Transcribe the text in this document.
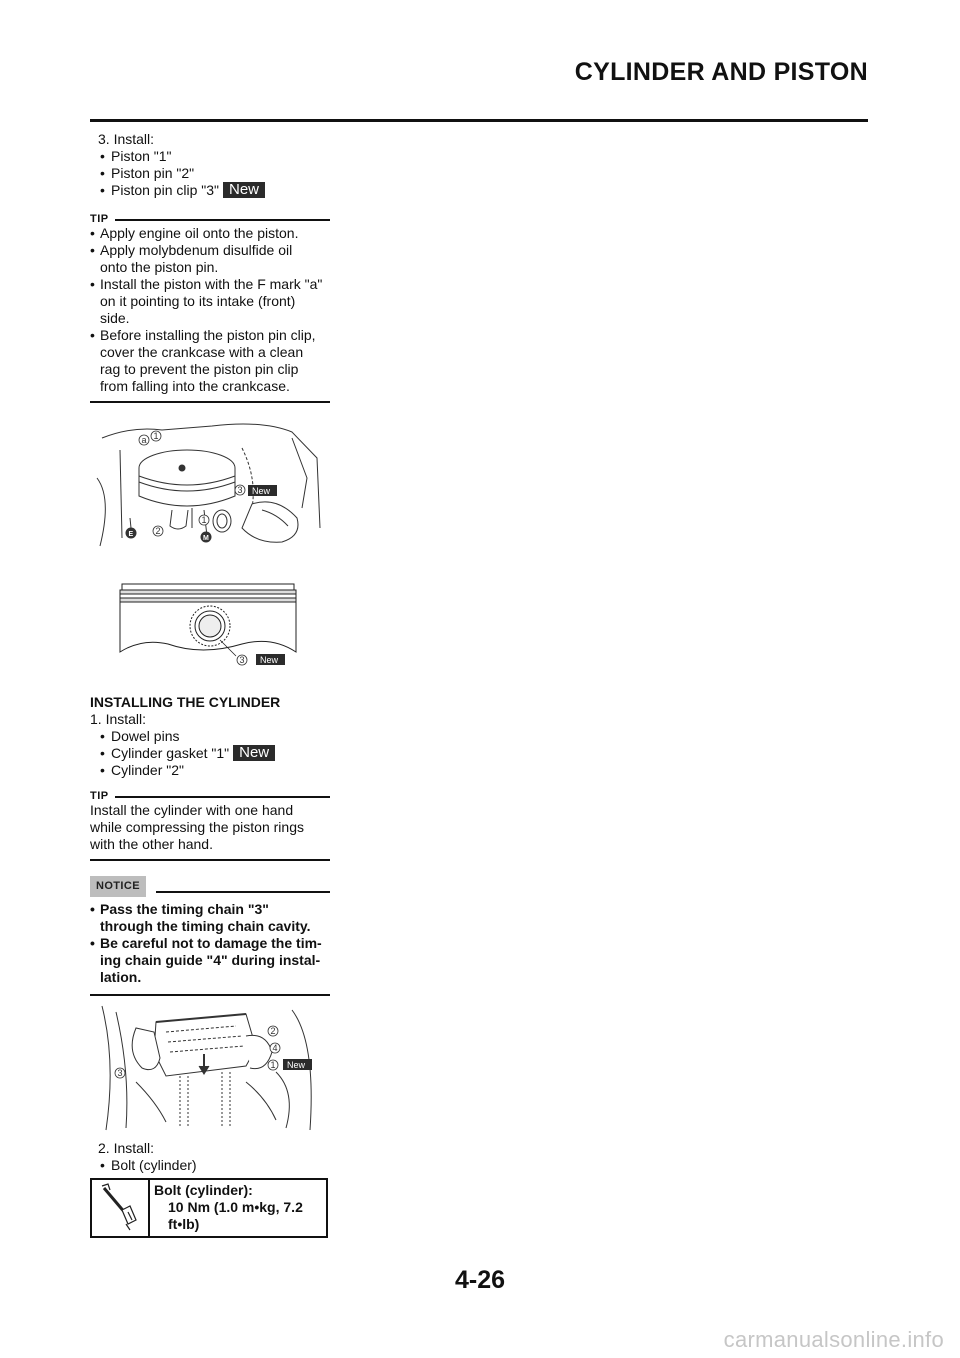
CYLINDER AND PISTON
3. Install:
• Piston "1"
• Piston pin "2"
• Piston pin clip "3" New
TIP
• Apply engine oil onto the piston.
• Apply molybdenum disulfide oil
onto the piston pin.
• Install the piston with the F mark "a"
on it pointing to its intake (front)
side.
• Before installing the piston pin clip,
cover the crankcase with a clean
rag to prevent the piston pin clip
from falling into the crankcase.
a 1
3
2
1
New
E
M
3 New
INSTALLING THE CYLINDER
1. Install:
• Dowel pins
• Cylinder gasket "1" New
• Cylinder "2"
TIP
Install the cylinder with one hand
while compressing the piston rings
with the other hand.
NOTICE
• Pass the timing chain "3"
through the timing chain cavity.
• Be careful not to damage the tim-
ing chain guide "4" during instal-
lation.
2
4
1
3
New
2. Install:
• Bolt (cylinder)
Bolt (cylinder):
10 Nm (1.0 m•kg, 7.2
ft•lb)
4-26
carmanualsonline.info
